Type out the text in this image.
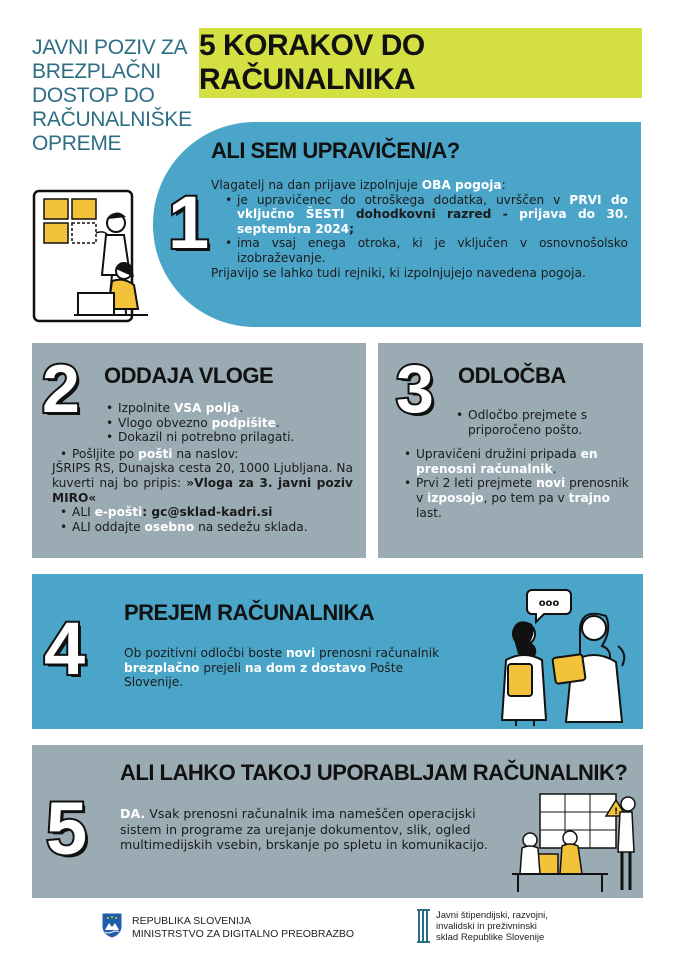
JAVNI POZIV ZA BREZPLAČNI DOSTOP DO RAČUNALNIŠKE OPREME
5 KORAKOV DO RAČUNALNIKA
1
ALI SEM UPRAVIČEN/A?

Vlagatelj na dan prijave izpolnjuje OBA pogoja:

• je upravičenec do otroškega dodatka, uvrščen v PRVI do vključno ŠESTI dohodkovni razred - prijava do 30. septembra 2024;
• ima vsaj enega otroka, ki je vključen v osnovnošolsko izobraževanje.

Prijavijo se lahko tudi rejniki, ki izpolnjujejo navedena pogoja.

2 ODDAJA VLOGE
• Izpolnite VSA polja.
• Vlogo obvezno podpišite.
• Dokazil ni potrebno prilagati.
• Pošljite po pošti na naslov:

JŠRIPS RS, Dunajska cesta 20, 1000 Ljubljana. Na kuverti naj bo pripis: »Vloga za 3. javni poziv MIRO«

• ALI e-pošti: gc@sklad-kadri.si
• ALI oddajte osebno na sedežu sklada.
3 ODLOČBA
• Odločbo prejmete s priporočeno pošto.
• Upravičeni družini pripada en prenosni računalnik.
• Prvi 2 leti prejmete novi prenosnik v izposojo, po tem pa v trajno last.
4 PREJEM RAČUNALNIKA

Ob pozitivni odločbi boste novi prenosni računalnik brezplačno prejeli na dom z dostavo Pošte Slovenije.

ooo
5
ALI LAHKO TAKOJ UPORABLJAM RAČUNALNIK?

DA. Vsak prenosni računalnik ima nameščen operacijski sistem in programe za urejanje dokumentov, slik, ogled multimedijskih vsebin, brskanje po spletu in komunikacijo.

!
REPUBLIKA SLOVENIJA
MINISTRSTVO ZA DIGITALNO PREOBRAZBO
Javni štipendijski, razvojni,
invalidski in preživninski
sklad Republike Slovenije
